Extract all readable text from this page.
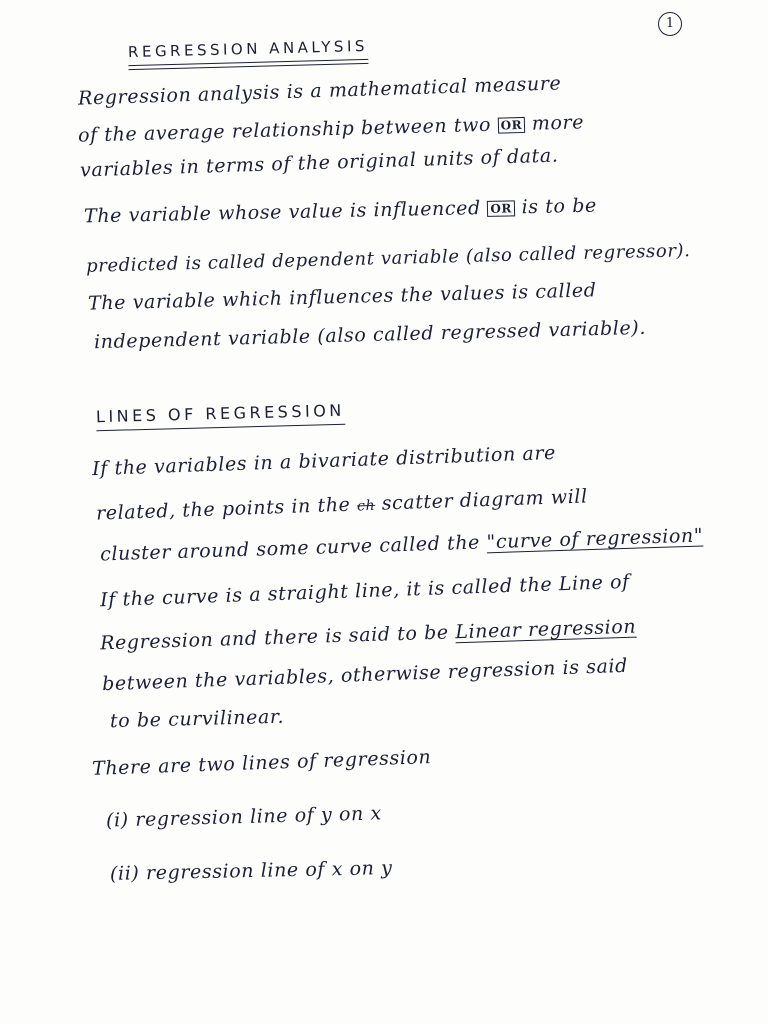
1
REGRESSION ANALYSIS
Regression analysis is a mathematical measure
of the average relationship between two OR more
variables in terms of the original units of data.
The variable whose value is influenced OR is to be
predicted is called dependent variable (also called regressor).
The variable which influences the values is called
independent variable (also called regressed variable).
LINES OF REGRESSION
If the variables in a bivariate distribution are
related, the points in the ch scatter diagram will
cluster around some curve called the "curve of regression"
If the curve is a straight line, it is called the Line of
Regression and there is said to be Linear regression
between the variables, otherwise regression is said
to be curvilinear.
There are two lines of regression
(i) regression line of y on x
(ii) regression line of x on y
